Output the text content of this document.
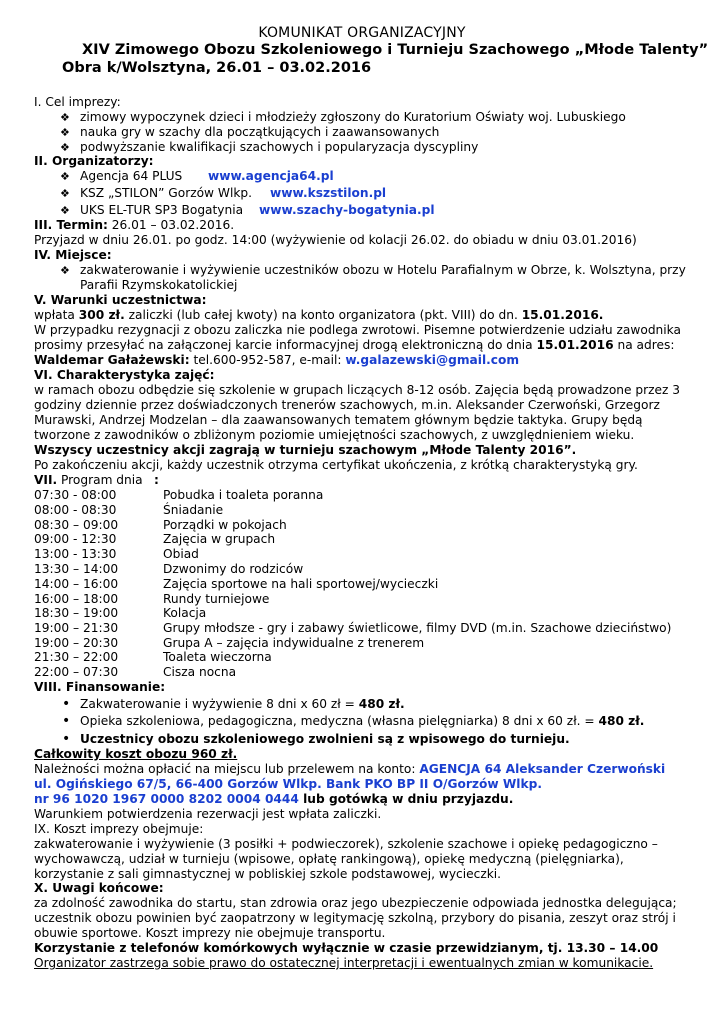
KOMUNIKAT ORGANIZACYJNY
XIV Zimowego Obozu Szkoleniowego i Turnieju Szachowego „Młode Talenty”
Obra k/Wolsztyna, 26.01 – 03.02.2016
I. Cel imprezy:
❖ zimowy wypoczynek dzieci i młodzieży zgłoszony do Kuratorium Oświaty woj. Lubuskiego
❖ nauka gry w szachy dla początkujących i zaawansowanych
❖ podwyższanie kwalifikacji szachowych i popularyzacja dyscypliny
II. Organizatorzy:
❖ Agencja 64 PLUS www.agencja64.pl
❖ KSZ „STILON” Gorzów Wlkp. www.kszstilon.pl
❖ UKS EL-TUR SP3 Bogatynia www.szachy-bogatynia.pl
III. Termin: 26.01 – 03.02.2016.
Przyjazd w dniu 26.01. po godz. 14:00 (wyżywienie od kolacji 26.02. do obiadu w dniu 03.01.2016)
IV. Miejsce:
❖ zakwaterowanie i wyżywienie uczestników obozu w Hotelu Parafialnym w Obrze, k. Wolsztyna, przy
Parafii Rzymskokatolickiej
V. Warunki uczestnictwa:
wpłata 300 zł. zaliczki (lub całej kwoty) na konto organizatora (pkt. VIII) do dn. 15.01.2016.
W przypadku rezygnacji z obozu zaliczka nie podlega zwrotowi. Pisemne potwierdzenie udziału zawodnika
prosimy przesyłać na załączonej karcie informacyjnej drogą elektroniczną do dnia 15.01.2016 na adres:
Waldemar Gałażewski: tel.600-952-587, e-mail: w.galazewski@gmail.com
VI. Charakterystyka zajęć:
w ramach obozu odbędzie się szkolenie w grupach liczących 8-12 osób. Zajęcia będą prowadzone przez 3
godziny dziennie przez doświadczonych trenerów szachowych, m.in. Aleksander Czerwoński, Grzegorz
Murawski, Andrzej Modzelan – dla zaawansowanych tematem głównym będzie taktyka. Grupy będą
tworzone z zawodników o zbliżonym poziomie umiejętności szachowych, z uwzględnieniem wieku.
Wszyscy uczestnicy akcji zagrają w turnieju szachowym „Młode Talenty 2016”.
Po zakończeniu akcji, każdy uczestnik otrzyma certyfikat ukończenia, z krótką charakterystyką gry.
VII. Program dnia :
07:30 - 08:00	Pobudka i toaleta poranna
08:00 - 08:30	Śniadanie
08:30 – 09:00	Porządki w pokojach
09:00 - 12:30	Zajęcia w grupach
13:00 - 13:30	Obiad
13:30 – 14:00	Dzwonimy do rodziców
14:00 – 16:00	Zajęcia sportowe na hali sportowej/wycieczki
16:00 – 18:00	Rundy turniejowe
18:30 – 19:00	Kolacja
19:00 – 21:30	Grupy młodsze - gry i zabawy świetlicowe, filmy DVD (m.in. Szachowe dzieciństwo)
19:00 – 20:30	Grupa A – zajęcia indywidualne z trenerem
21:30 – 22:00	Toaleta wieczorna
22:00 – 07:30	Cisza nocna
VIII. Finansowanie:
• Zakwaterowanie i wyżywienie 8 dni x 60 zł = 480 zł.
• Opieka szkoleniowa, pedagogiczna, medyczna (własna pielęgniarka) 8 dni x 60 zł. = 480 zł.
• Uczestnicy obozu szkoleniowego zwolnieni są z wpisowego do turnieju.
Całkowity koszt obozu 960 zł.
Należności można opłacić na miejscu lub przelewem na konto: AGENCJA 64 Aleksander Czerwoński
ul. Ogińskiego 67/5, 66-400 Gorzów Wlkp. Bank PKO BP II O/Gorzów Wlkp.
nr 96 1020 1967 0000 8202 0004 0444 lub gotówką w dniu przyjazdu.
Warunkiem potwierdzenia rezerwacji jest wpłata zaliczki.
IX. Koszt imprezy obejmuje:
zakwaterowanie i wyżywienie (3 posiłki + podwieczorek), szkolenie szachowe i opiekę pedagogiczno –
wychowawczą, udział w turnieju (wpisowe, opłatę rankingową), opiekę medyczną (pielęgniarka),
korzystanie z sali gimnastycznej w pobliskiej szkole podstawowej, wycieczki.
X. Uwagi końcowe:
za zdolność zawodnika do startu, stan zdrowia oraz jego ubezpieczenie odpowiada jednostka delegująca;
uczestnik obozu powinien być zaopatrzony w legitymację szkolną, przybory do pisania, zeszyt oraz strój i
obuwie sportowe. Koszt imprezy nie obejmuje transportu.
Korzystanie z telefonów komórkowych wyłącznie w czasie przewidzianym, tj. 13.30 – 14.00
Organizator zastrzega sobie prawo do ostatecznej interpretacji i ewentualnych zmian w komunikacie.
